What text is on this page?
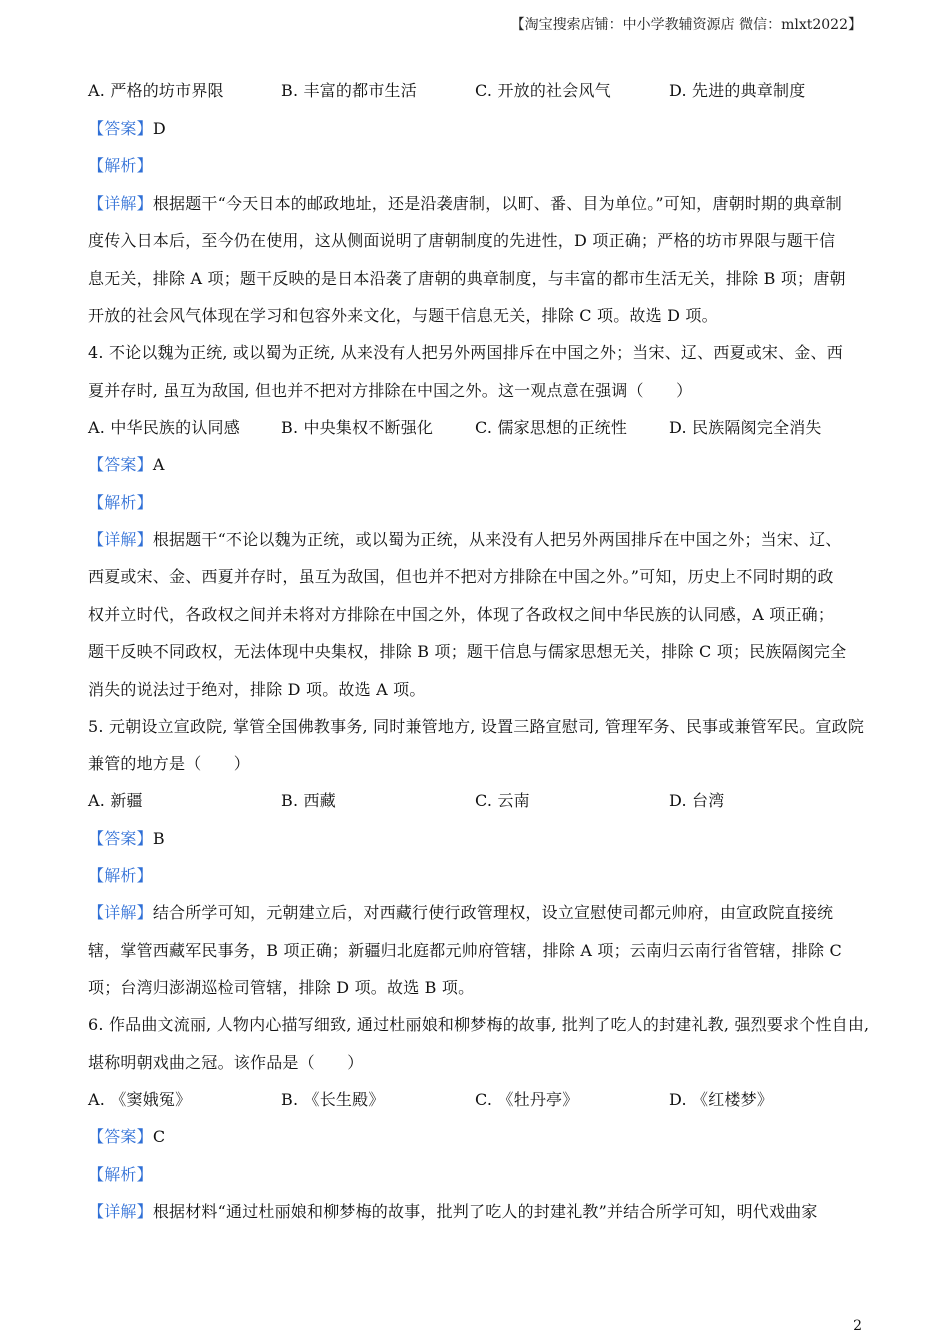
【淘宝搜索店铺：中小学教辅资源店 微信：mlxt2022】
A. 严格的坊市界限	B. 丰富的都市生活	C. 开放的社会风气	D. 先进的典章制度
【答案】D
【解析】
【详解】根据题干“今天日本的邮政地址，还是沿袭唐制，以町、番、目为单位。”可知，唐朝时期的典章制
度传入日本后，至今仍在使用，这从侧面说明了唐朝制度的先进性，D 项正确；严格的坊市界限与题干信
息无关，排除 A 项；题干反映的是日本沿袭了唐朝的典章制度，与丰富的都市生活无关，排除 B 项；唐朝
开放的社会风气体现在学习和包容外来文化，与题干信息无关，排除 C 项。故选 D 项。
4. 不论以魏为正统, 或以蜀为正统, 从来没有人把另外两国排斥在中国之外；当宋、辽、西夏或宋、金、西
夏并存时, 虽互为敌国, 但也并不把对方排除在中国之外。这一观点意在强调（　　）
A. 中华民族的认同感	B. 中央集权不断强化	C. 儒家思想的正统性	D. 民族隔阂完全消失
【答案】A
【解析】
【详解】根据题干“不论以魏为正统，或以蜀为正统，从来没有人把另外两国排斥在中国之外；当宋、辽、
西夏或宋、金、西夏并存时，虽互为敌国，但也并不把对方排除在中国之外。”可知，历史上不同时期的政
权并立时代，各政权之间并未将对方排除在中国之外，体现了各政权之间中华民族的认同感，A 项正确；
题干反映不同政权，无法体现中央集权，排除 B 项；题干信息与儒家思想无关，排除 C 项；民族隔阂完全
消失的说法过于绝对，排除 D 项。故选 A 项。
5. 元朝设立宣政院, 掌管全国佛教事务, 同时兼管地方, 设置三路宣慰司, 管理军务、民事或兼管军民。宣政院
兼管的地方是（　　）
A. 新疆	B. 西藏	C. 云南	D. 台湾
【答案】B
【解析】
【详解】结合所学可知，元朝建立后，对西藏行使行政管理权，设立宣慰使司都元帅府，由宣政院直接统
辖，掌管西藏军民事务，B 项正确；新疆归北庭都元帅府管辖，排除 A 项；云南归云南行省管辖，排除 C
项；台湾归澎湖巡检司管辖，排除 D 项。故选 B 项。
6. 作品曲文流丽, 人物内心描写细致, 通过杜丽娘和柳梦梅的故事, 批判了吃人的封建礼教, 强烈要求个性自由,
堪称明朝戏曲之冠。该作品是（　　）
A. 《窦娥冤》	B. 《长生殿》	C. 《牡丹亭》	D. 《红楼梦》
【答案】C
【解析】
【详解】根据材料“通过杜丽娘和柳梦梅的故事，批判了吃人的封建礼教”并结合所学可知，明代戏曲家
2
